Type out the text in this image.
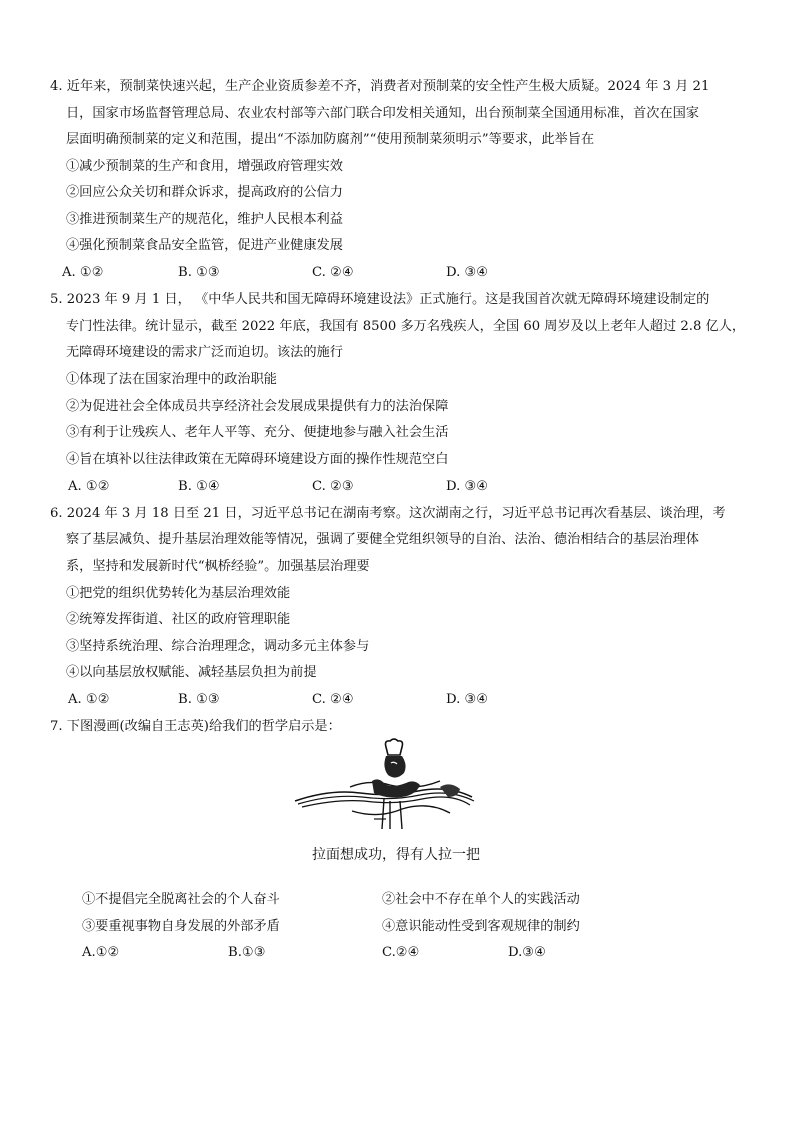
4. 近年来，预制菜快速兴起，生产企业资质参差不齐，消费者对预制菜的安全性产生极大质疑。2024 年 3 月 21
日，国家市场监督管理总局、农业农村部等六部门联合印发相关通知，出台预制菜全国通用标准，首次在国家
层面明确预制菜的定义和范围，提出“不添加防腐剂”“使用预制菜须明示”等要求，此举旨在
①减少预制菜的生产和食用，增强政府管理实效
②回应公众关切和群众诉求，提高政府的公信力
③推进预制菜生产的规范化，维护人民根本利益
④强化预制菜食品安全监管，促进产业健康发展
A. ①②	B. ①③	C. ②④	D. ③④
5. 2023 年 9 月 1 日， 《中华人民共和国无障碍环境建设法》正式施行。这是我国首次就无障碍环境建设制定的
专门性法律。统计显示，截至 2022 年底，我国有 8500 多万名残疾人，全国 60 周岁及以上老年人超过 2.8 亿人，
无障碍环境建设的需求广泛而迫切。该法的施行
①体现了法在国家治理中的政治职能
②为促进社会全体成员共享经济社会发展成果提供有力的法治保障
③有利于让残疾人、老年人平等、充分、便捷地参与融入社会生活
④旨在填补以往法律政策在无障碍环境建设方面的操作性规范空白
A. ①②	B. ①④	C. ②③	D. ③④
6. 2024 年 3 月 18 日至 21 日，习近平总书记在湖南考察。这次湖南之行，习近平总书记再次看基层、谈治理，考
察了基层减负、提升基层治理效能等情况，强调了要健全党组织领导的自治、法治、德治相结合的基层治理体
系，坚持和发展新时代“枫桥经验”。加强基层治理要
①把党的组织优势转化为基层治理效能
②统筹发挥街道、社区的政府管理职能
③坚持系统治理、综合治理理念，调动多元主体参与
④以向基层放权赋能、减轻基层负担为前提
A. ①②	B. ①③	C. ②④	D. ③④
7. 下图漫画(改编自王志英)给我们的哲学启示是：
拉面想成功，得有人拉一把
①不提倡完全脱离社会的个人奋斗	②社会中不存在单个人的实践活动
③要重视事物自身发展的外部矛盾	④意识能动性受到客观规律的制约
A.①②	B.①③	C.②④	D.③④
